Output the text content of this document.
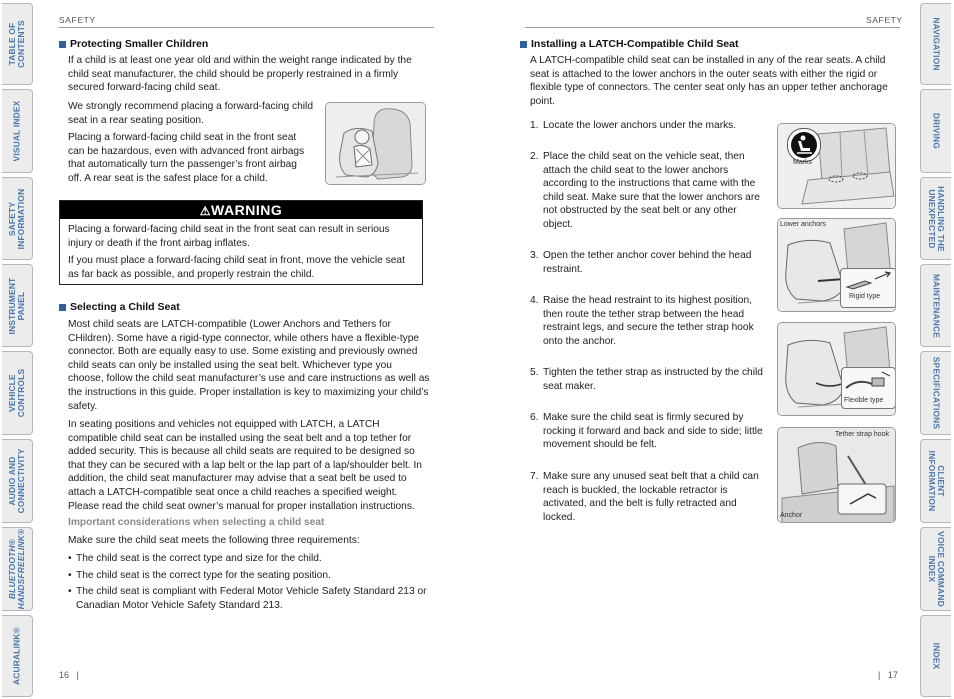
TABLE OF
CONTENTS
VISUAL INDEX
SAFETY
INFORMATION
INSTRUMENT
PANEL
VEHICLE
CONTROLS
AUDIO AND
CONNECTIVITY
BLUETOOTH®
HANDSFREELINK®
ACURALINK®
NAVIGATION
DRIVING
HANDLING THE
UNEXPECTED
MAINTENANCE
SPECIFICATIONS
CLIENT
INFORMATION
VOICE COMMAND
INDEX
INDEX
SAFETY	SAFETY
Protecting Smaller Children
If a child is at least one year old and within the weight range indicated by the child seat manufacturer, the child should be properly restrained in a firmly secured forward-facing child seat.
We strongly recommend placing a forward-facing child seat in a rear seating position.
Placing a forward-facing child seat in the front seat can be hazardous, even with advanced front airbags that automatically turn the passenger’s front airbag off. A rear seat is the safest place for a child.
⚠WARNING
Placing a forward-facing child seat in the front seat can result in serious injury or death if the front airbag inflates.
If you must place a forward-facing child seat in front, move the vehicle seat as far back as possible, and properly restrain the child.
Selecting a Child Seat
Most child seats are LATCH-compatible (Lower Anchors and Tethers for CHildren). Some have a rigid-type connector, while others have a flexible-type connector. Both are equally easy to use. Some existing and previously owned child seats can only be installed using the seat belt. Whichever type you choose, follow the child seat manufacturer’s use and care instructions as well as the instructions in this guide. Proper installation is key to maximizing your child’s safety.
In seating positions and vehicles not equipped with LATCH, a LATCH compatible child seat can be installed using the seat belt and a top tether for added security. This is because all child seats are required to be designed so that they can be secured with a lap belt or the lap part of a lap/shoulder belt. In addition, the child seat manufacturer may advise that a seat belt be used to attach a LATCH-compatible seat once a child reaches a specified weight. Please read the child seat owner’s manual for proper installation instructions.
Important considerations when selecting a child seat
Make sure the child seat meets the following three requirements:
• The child seat is the correct type and size for the child.
• The child seat is the correct type for the seating position.
• The child seat is compliant with Federal Motor Vehicle Safety Standard 213 or Canadian Motor Vehicle Safety Standard 213.
16   |
Installing a LATCH-Compatible Child Seat
A LATCH-compatible child seat can be installed in any of the rear seats. A child seat is attached to the lower anchors in the outer seats with either the rigid or flexible type of connectors. The center seat only has an upper tether anchorage point.
1. Locate the lower anchors under the marks.
2. Place the child seat on the vehicle seat, then attach the child seat to the lower anchors according to the instructions that came with the child seat. Make sure that the lower anchors are not obstructed by the seat belt or any other object.
3. Open the tether anchor cover behind the head restraint.
4. Raise the head restraint to its highest position, then route the tether strap between the head restraint legs, and secure the tether strap hook onto the anchor.
5. Tighten the tether strap as instructed by the child seat maker.
6. Make sure the child seat is firmly secured by rocking it forward and back and side to side; little movement should be felt.
7. Make sure any unused seat belt that a child can reach is buckled, the lockable retractor is activated, and the belt is fully retracted and locked.
Marks
Lower anchors
Rigid type
Flexible type
Tether strap hook
Anchor
|   17
